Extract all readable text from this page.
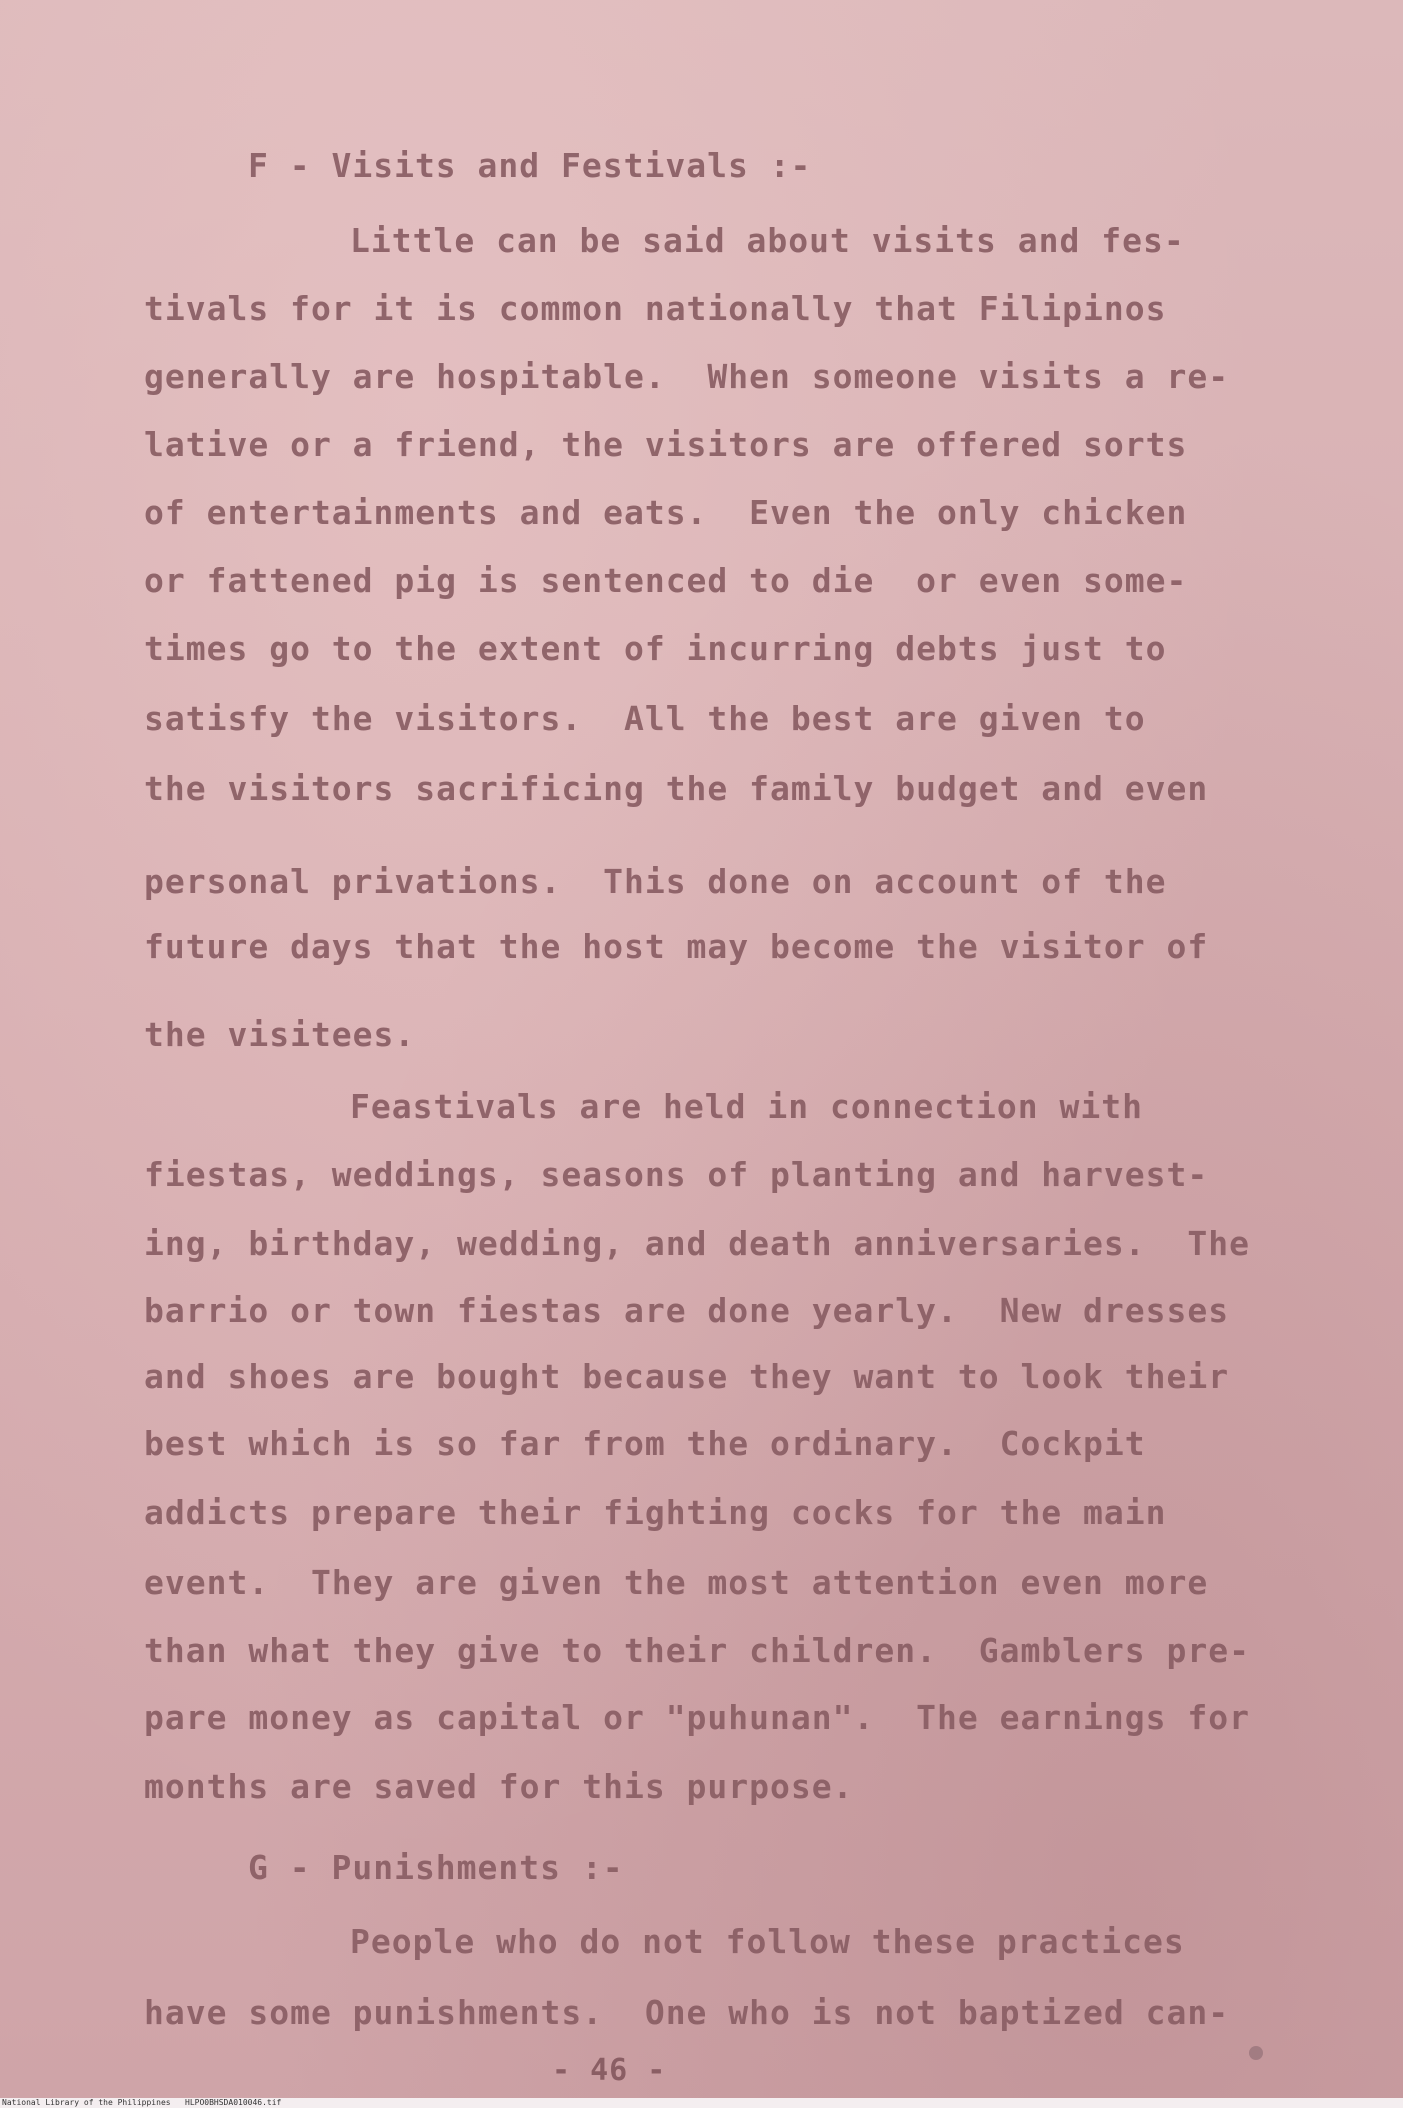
F - Visits and Festivals :-
Little can be said about visits and fes-
tivals for it is common nationally that Filipinos
generally are hospitable.  When someone visits a re-
lative or a friend, the visitors are offered sorts
of entertainments and eats.  Even the only chicken
or fattened pig is sentenced to die  or even some-
times go to the extent of incurring debts just to
satisfy the visitors.  All the best are given to
the visitors sacrificing the family budget and even
personal privations.  This done on account of the
future days that the host may become the visitor of
the visitees.
Feastivals are held in connection with
fiestas, weddings, seasons of planting and harvest-
ing, birthday, wedding, and death anniversaries.  The
barrio or town fiestas are done yearly.  New dresses
and shoes are bought because they want to look their
best which is so far from the ordinary.  Cockpit
addicts prepare their fighting cocks for the main
event.  They are given the most attention even more
than what they give to their children.  Gamblers pre-
pare money as capital or "puhunan".  The earnings for
months are saved for this purpose.
G - Punishments :-
People who do not follow these practices
have some punishments.  One who is not baptized can-
- 46 -
National Library of the Philippines   HLPO0BHSDA010046.tif
